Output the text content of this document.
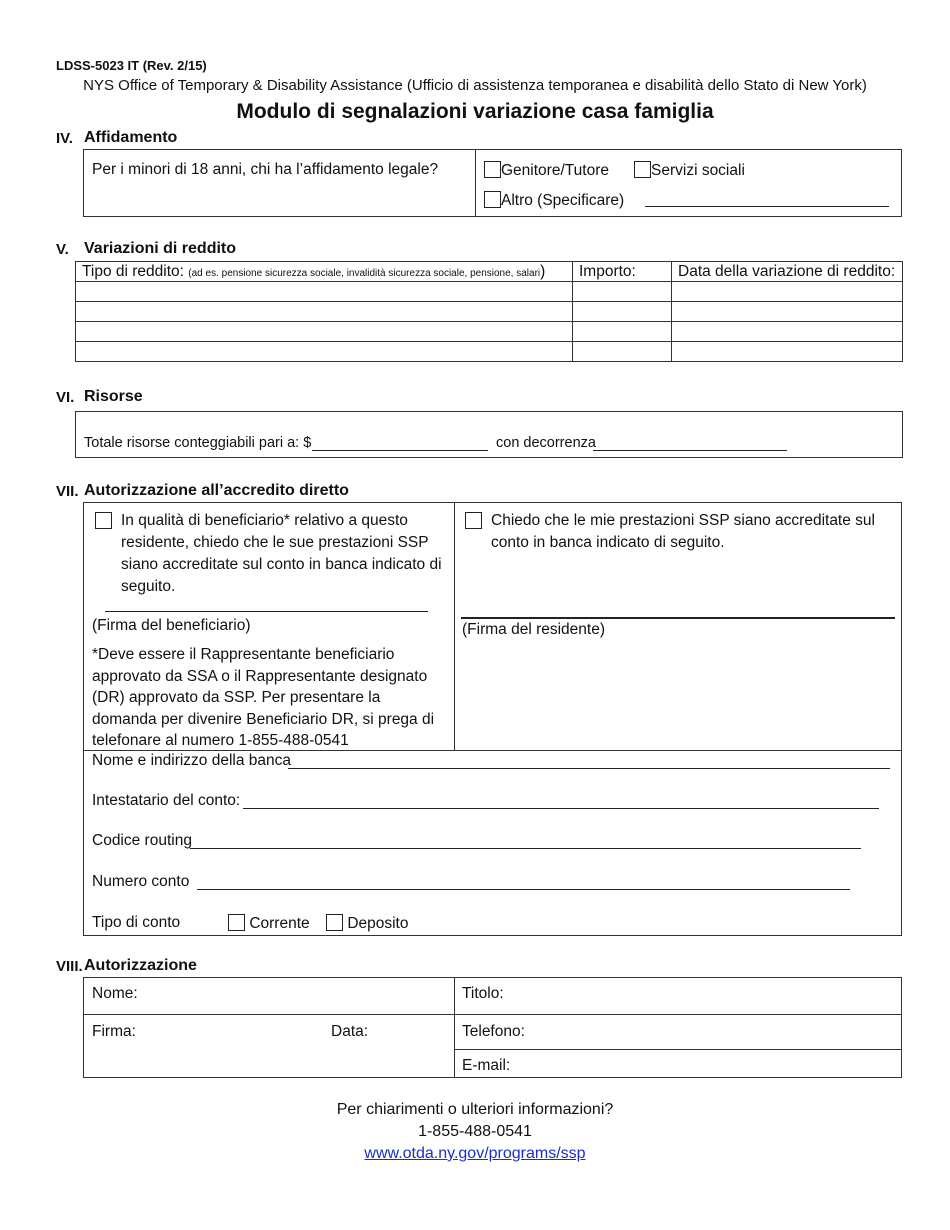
LDSS-5023 IT (Rev. 2/15)
NYS Office of Temporary & Disability Assistance (Ufficio di assistenza temporanea e disabilità dello Stato di New York)
Modulo di segnalazioni variazione casa famiglia
IV. Affidamento
Per i minori di 18 anni, chi ha l’affidamento legale?	Genitore/Tutore	Servizi sociali
Altro (Specificare)
V. Variazioni di reddito
Tipo di reddito: (ad es. pensione sicurezza sociale, invalidità sicurezza sociale, pensione, salari)	Importo:	Data della variazione di reddito:

VI. Risorse
Totale risorse conteggiabili pari a: $	con decorrenza
VII. Autorizzazione all’accredito diretto
In qualità di beneficiario* relativo a questo residente, chiedo che le sue prestazioni SSP siano accreditate sul conto in banca indicato di seguito.
(Firma del beneficiario)
*Deve essere il Rappresentante beneficiario approvato da SSA o il Rappresentante designato (DR) approvato da SSP. Per presentare la domanda per divenire Beneficiario DR, si prega di telefonare al numero 1-855-488-0541
Chiedo che le mie prestazioni SSP siano accreditate sul conto in banca indicato di seguito.
(Firma del residente)
Nome e indirizzo della banca
Intestatario del conto:
Codice routing
Numero conto
Tipo di conto	Corrente	Deposito
VIII. Autorizzazione
Nome:	Titolo:
Firma:	Data:	Telefono:
E-mail:
Per chiarimenti o ulteriori informazioni?
1-855-488-0541
www.otda.ny.gov/programs/ssp
